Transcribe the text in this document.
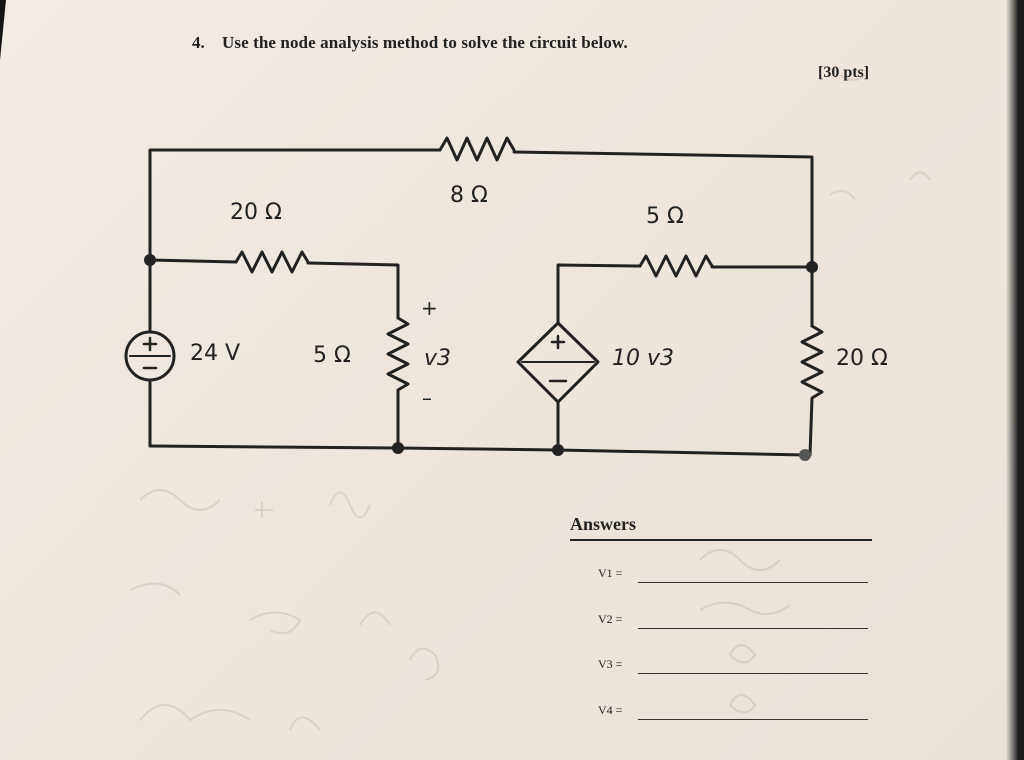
4. Use the node analysis method to solve the circuit below.
[30 pts]
8 Ω
20 Ω	5 Ω
24 V	5 Ω	v3
+
–
10 v3	20 Ω
Answers
V1 =
V2 =
V3 =
V4 =
